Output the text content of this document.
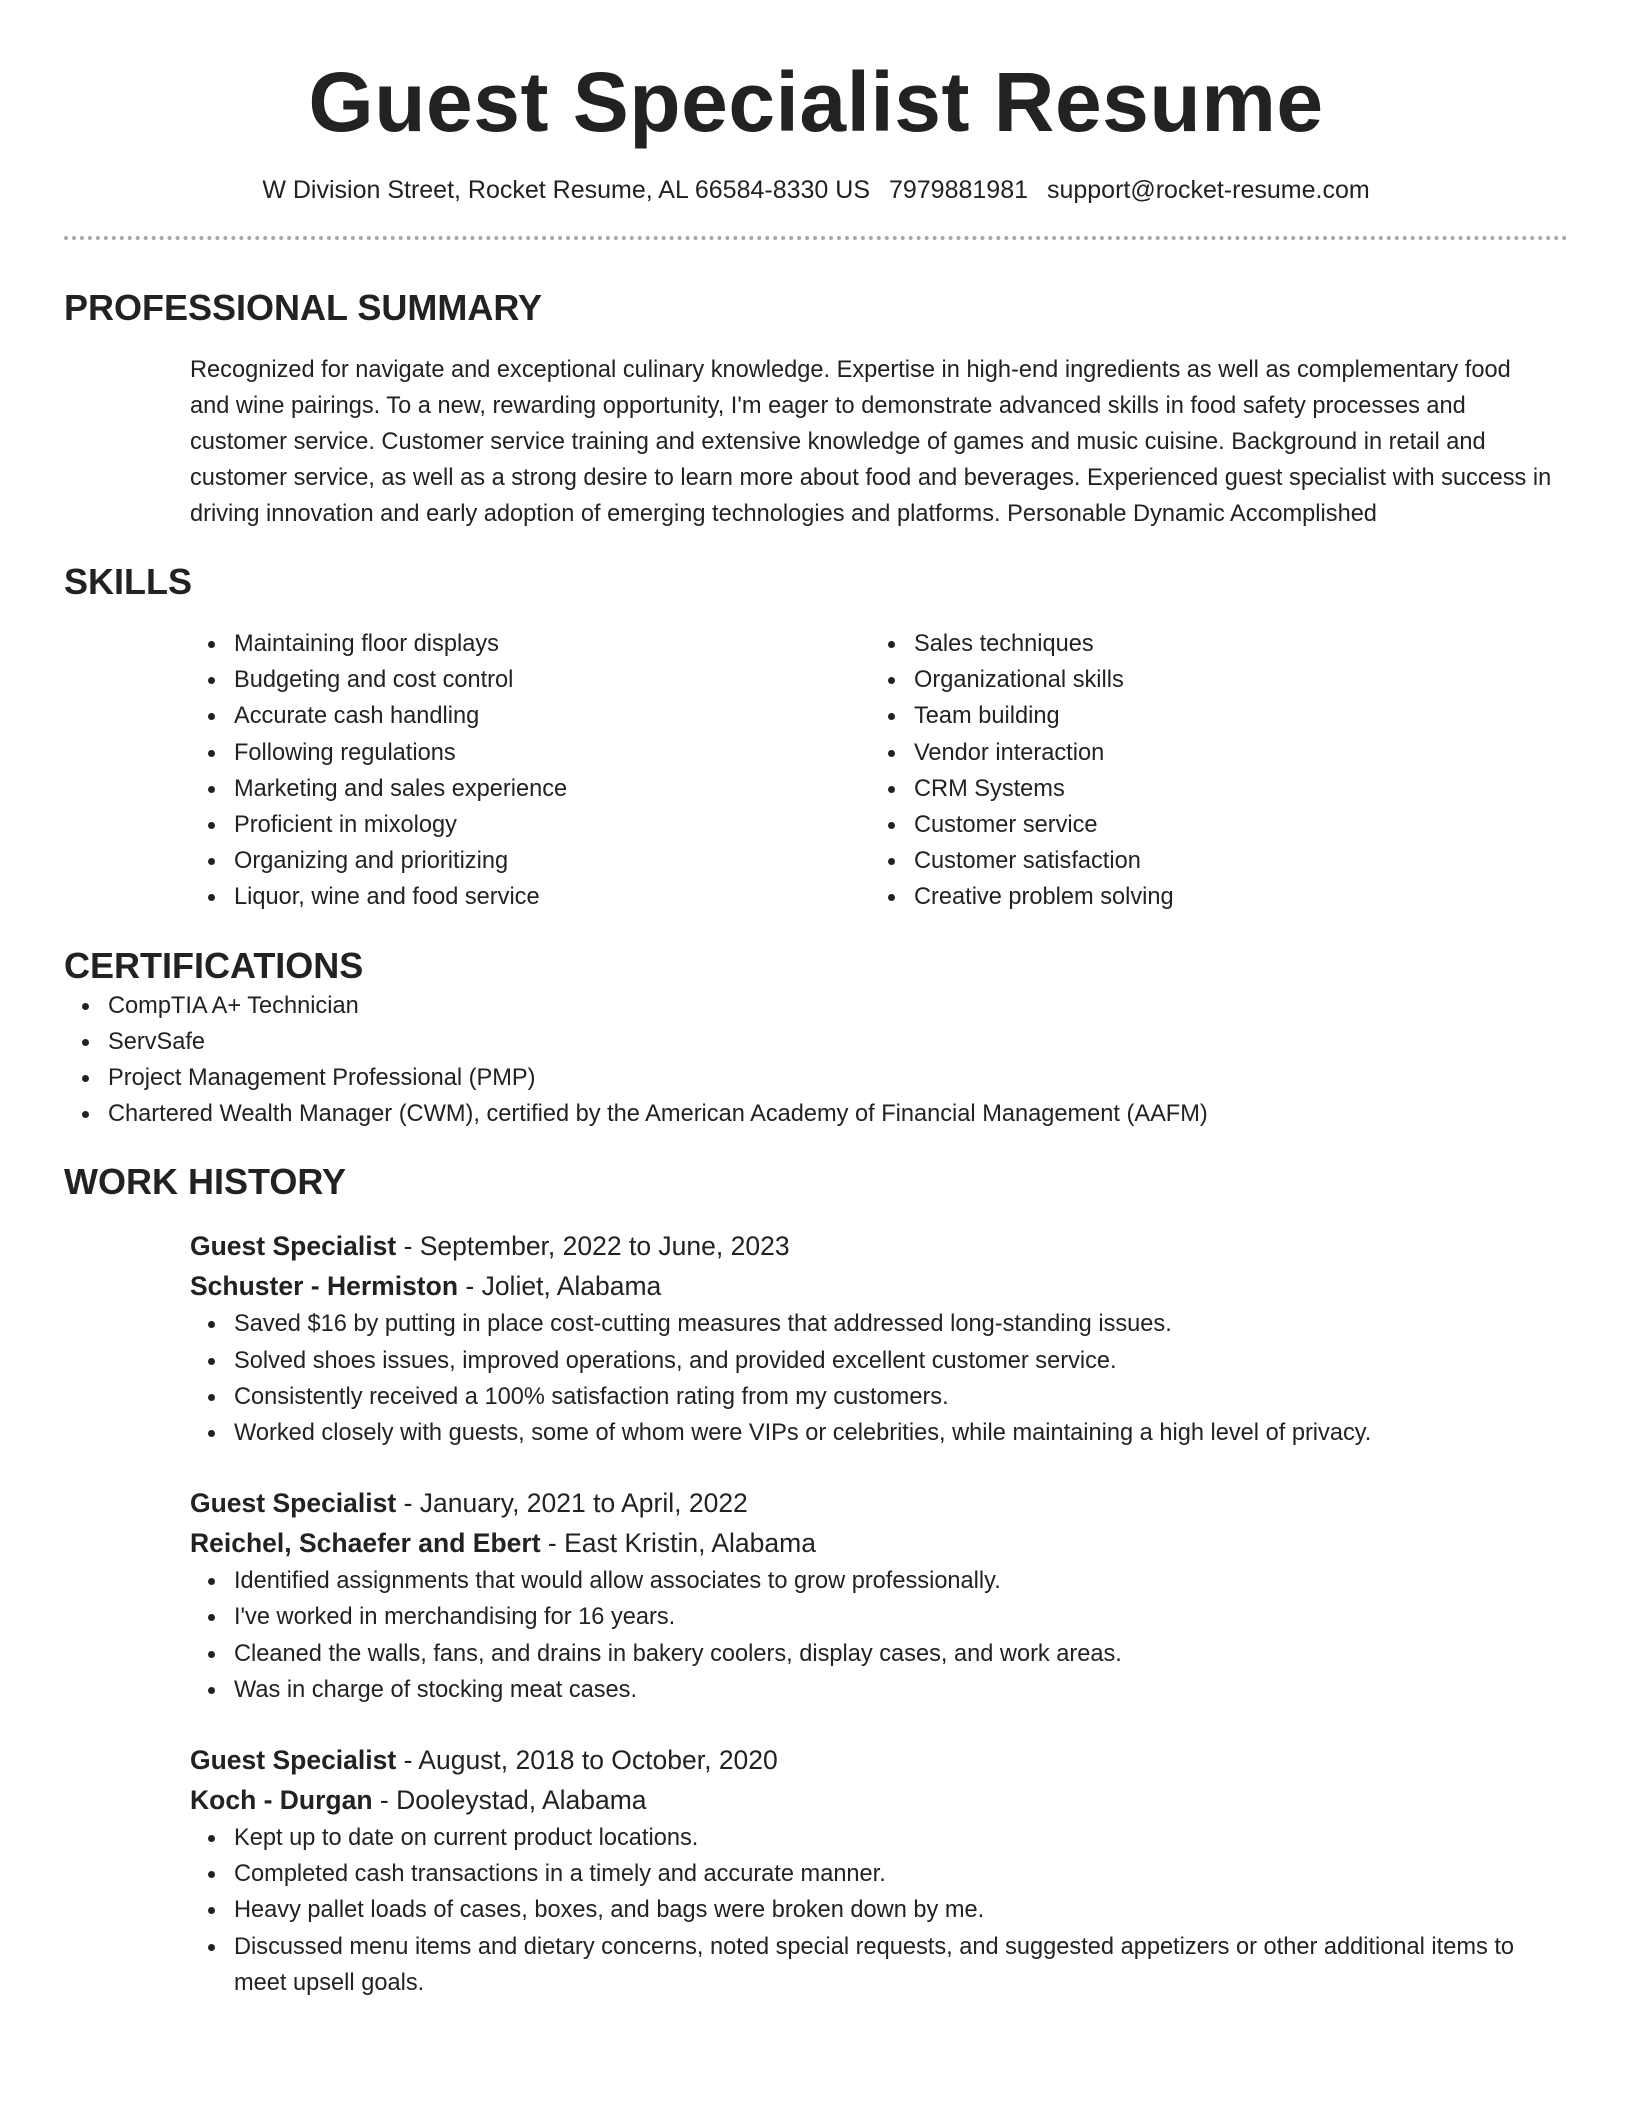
Guest Specialist Resume
W Division Street, Rocket Resume, AL 66584-8330 US 7979881981 support@rocket-resume.com
PROFESSIONAL SUMMARY

Recognized for navigate and exceptional culinary knowledge. Expertise in high-end ingredients as well as complementary food and wine pairings. To a new, rewarding opportunity, I'm eager to demonstrate advanced skills in food safety processes and customer service. Customer service training and extensive knowledge of games and music cuisine. Background in retail and customer service, as well as a strong desire to learn more about food and beverages. Experienced guest specialist with success in driving innovation and early adoption of emerging technologies and platforms. Personable Dynamic Accomplished

SKILLS
Maintaining floor displays
Budgeting and cost control
Accurate cash handling
Following regulations
Marketing and sales experience
Proficient in mixology
Organizing and prioritizing
Liquor, wine and food service
Sales techniques
Organizational skills
Team building
Vendor interaction
CRM Systems
Customer service
Customer satisfaction
Creative problem solving
CERTIFICATIONS
CompTIA A+ Technician
ServSafe
Project Management Professional (PMP)
Chartered Wealth Manager (CWM), certified by the American Academy of Financial Management (AAFM)
WORK HISTORY
Guest Specialist - September, 2022 to June, 2023
Schuster - Hermiston - Joliet, Alabama
Saved $16 by putting in place cost-cutting measures that addressed long-standing issues.
Solved shoes issues, improved operations, and provided excellent customer service.
Consistently received a 100% satisfaction rating from my customers.
Worked closely with guests, some of whom were VIPs or celebrities, while maintaining a high level of privacy.
Guest Specialist - January, 2021 to April, 2022
Reichel, Schaefer and Ebert - East Kristin, Alabama
Identified assignments that would allow associates to grow professionally.
I've worked in merchandising for 16 years.
Cleaned the walls, fans, and drains in bakery coolers, display cases, and work areas.
Was in charge of stocking meat cases.
Guest Specialist - August, 2018 to October, 2020
Koch - Durgan - Dooleystad, Alabama
Kept up to date on current product locations.
Completed cash transactions in a timely and accurate manner.
Heavy pallet loads of cases, boxes, and bags were broken down by me.
Discussed menu items and dietary concerns, noted special requests, and suggested appetizers or other additional items to meet upsell goals.
